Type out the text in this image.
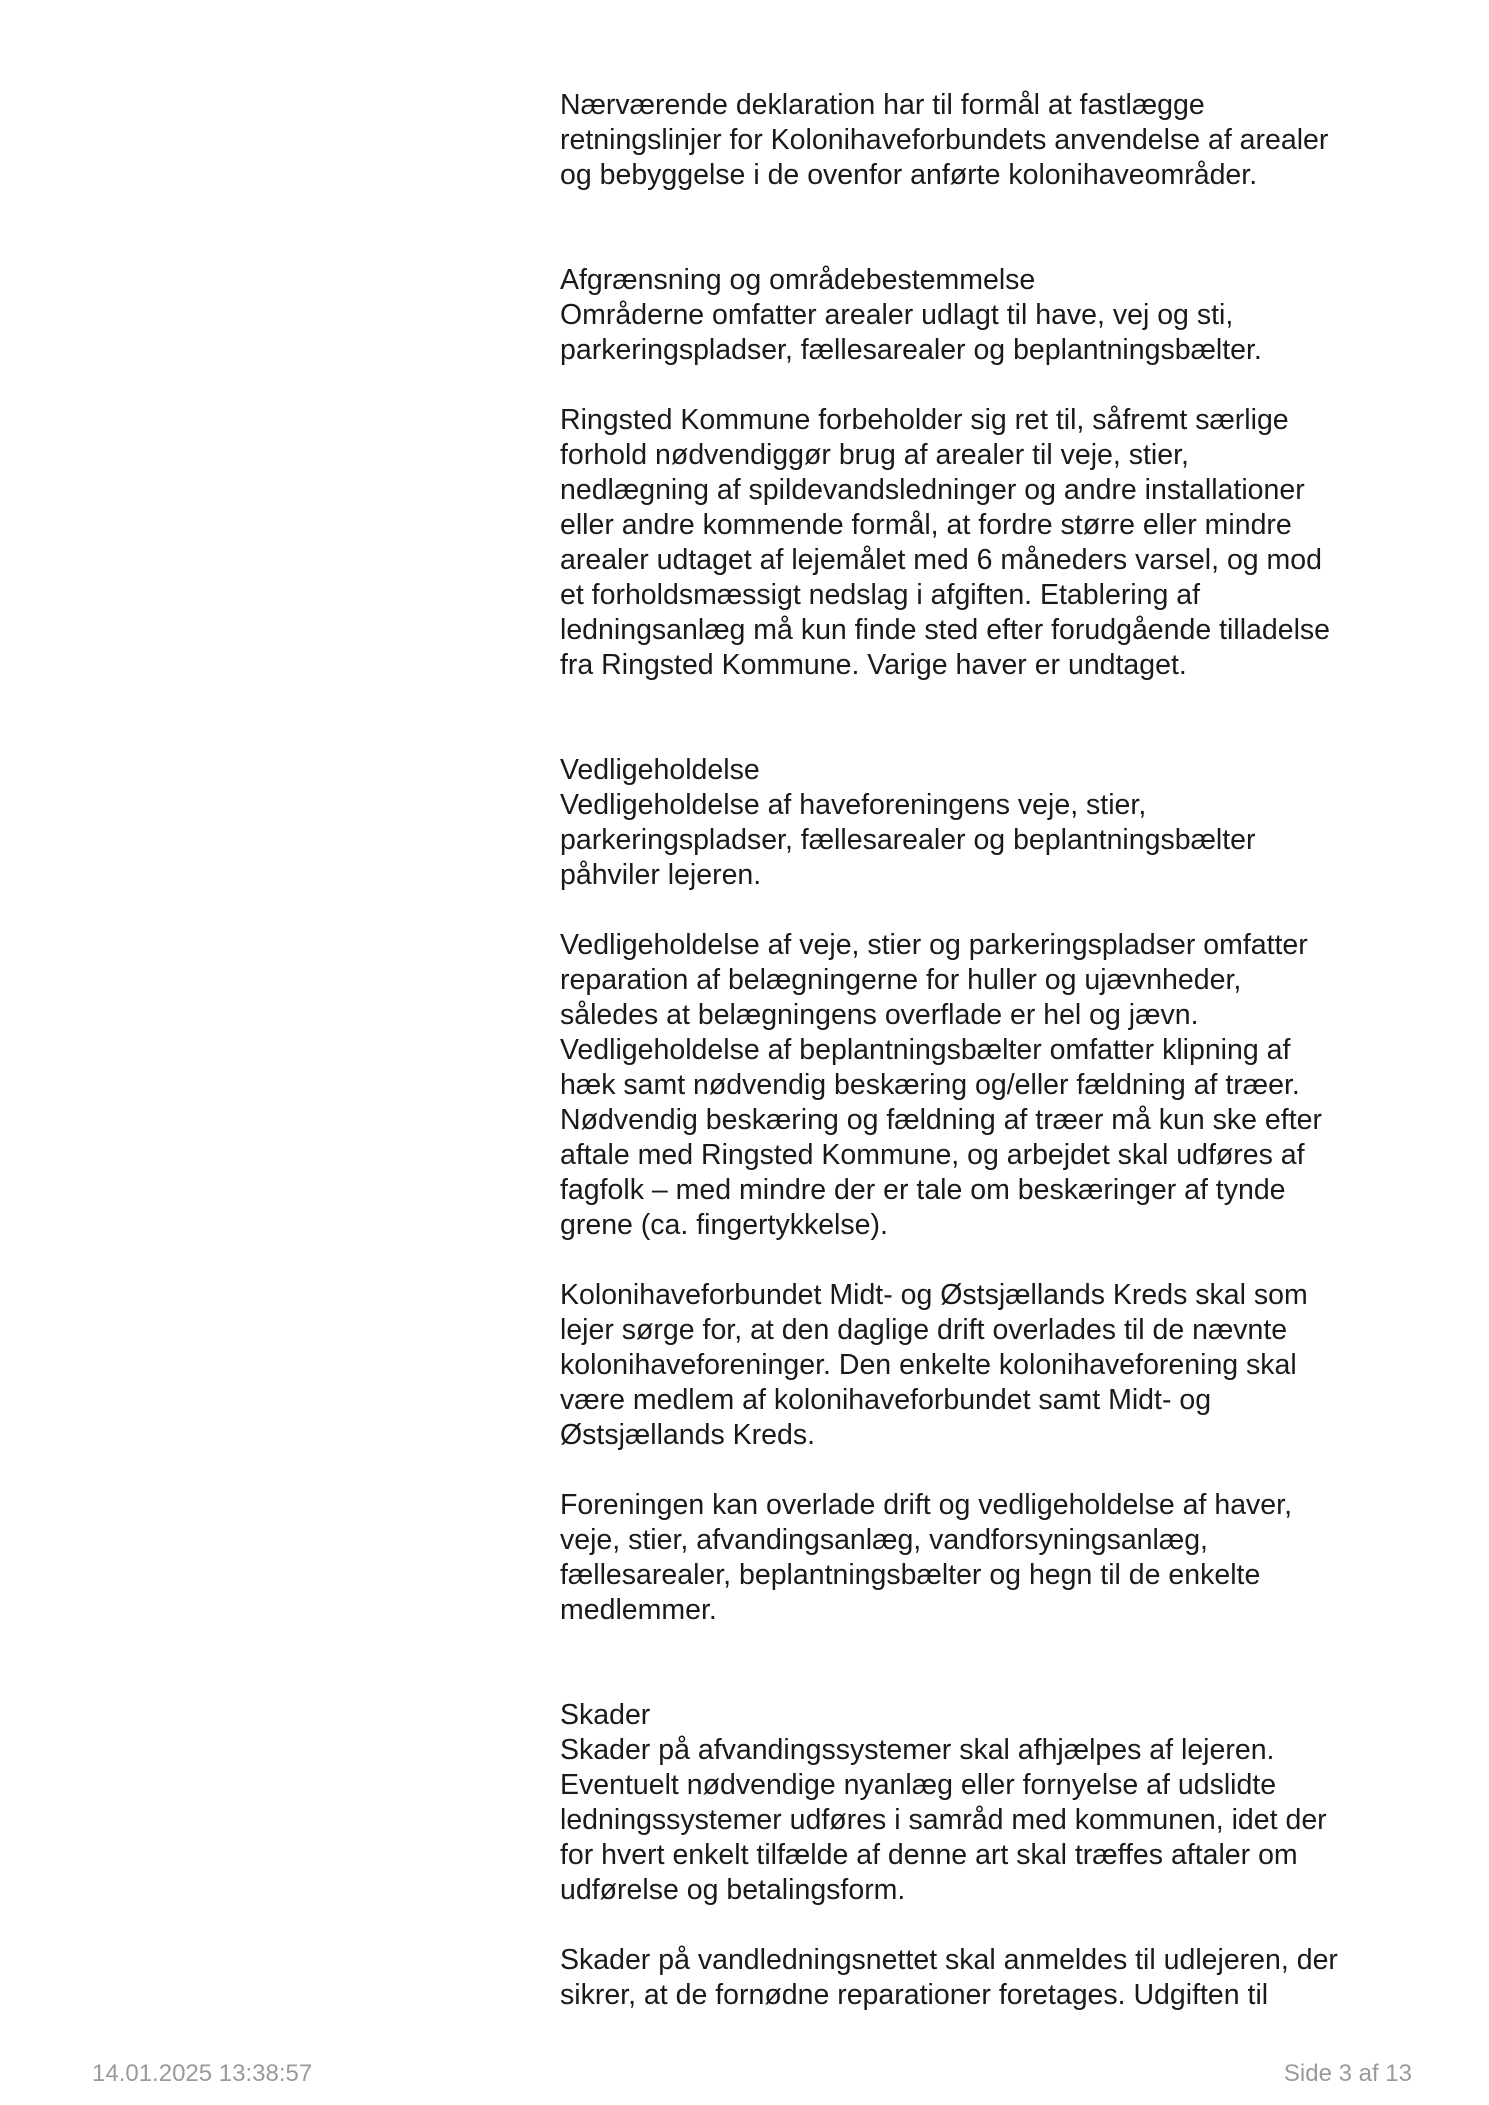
Nærværende deklaration har til formål at fastlægge
retningslinjer for Kolonihaveforbundets anvendelse af arealer
og bebyggelse i de ovenfor anførte kolonihaveområder.

Afgrænsning og områdebestemmelse

Områderne omfatter arealer udlagt til have, vej og sti,
parkeringspladser, fællesarealer og beplantningsbælter.

Ringsted Kommune forbeholder sig ret til, såfremt særlige
forhold nødvendiggør brug af arealer til veje, stier,
nedlægning af spildevandsledninger og andre installationer
eller andre kommende formål, at fordre større eller mindre
arealer udtaget af lejemålet med 6 måneders varsel, og mod
et forholdsmæssigt nedslag i afgiften. Etablering af
ledningsanlæg må kun finde sted efter forudgående tilladelse
fra Ringsted Kommune. Varige haver er undtaget.

Vedligeholdelse

Vedligeholdelse af haveforeningens veje, stier,
parkeringspladser, fællesarealer og beplantningsbælter
påhviler lejeren.

Vedligeholdelse af veje, stier og parkeringspladser omfatter
reparation af belægningerne for huller og ujævnheder,
således at belægningens overflade er hel og jævn.
Vedligeholdelse af beplantningsbælter omfatter klipning af
hæk samt nødvendig beskæring og/eller fældning af træer.
Nødvendig beskæring og fældning af træer må kun ske efter
aftale med Ringsted Kommune, og arbejdet skal udføres af
fagfolk – med mindre der er tale om beskæringer af tynde
grene (ca. fingertykkelse).

Kolonihaveforbundet Midt- og Østsjællands Kreds skal som
lejer sørge for, at den daglige drift overlades til de nævnte
kolonihaveforeninger. Den enkelte kolonihaveforening skal
være medlem af kolonihaveforbundet samt Midt- og
Østsjællands Kreds.

Foreningen kan overlade drift og vedligeholdelse af haver,
veje, stier, afvandingsanlæg, vandforsyningsanlæg,
fællesarealer, beplantningsbælter og hegn til de enkelte
medlemmer.

Skader

Skader på afvandingssystemer skal afhjælpes af lejeren.
Eventuelt nødvendige nyanlæg eller fornyelse af udslidte
ledningssystemer udføres i samråd med kommunen, idet der
for hvert enkelt tilfælde af denne art skal træffes aftaler om
udførelse og betalingsform.

Skader på vandledningsnettet skal anmeldes til udlejeren, der
sikrer, at de fornødne reparationer foretages. Udgiften til

14.01.2025 13:38:57	Side 3 af 13
